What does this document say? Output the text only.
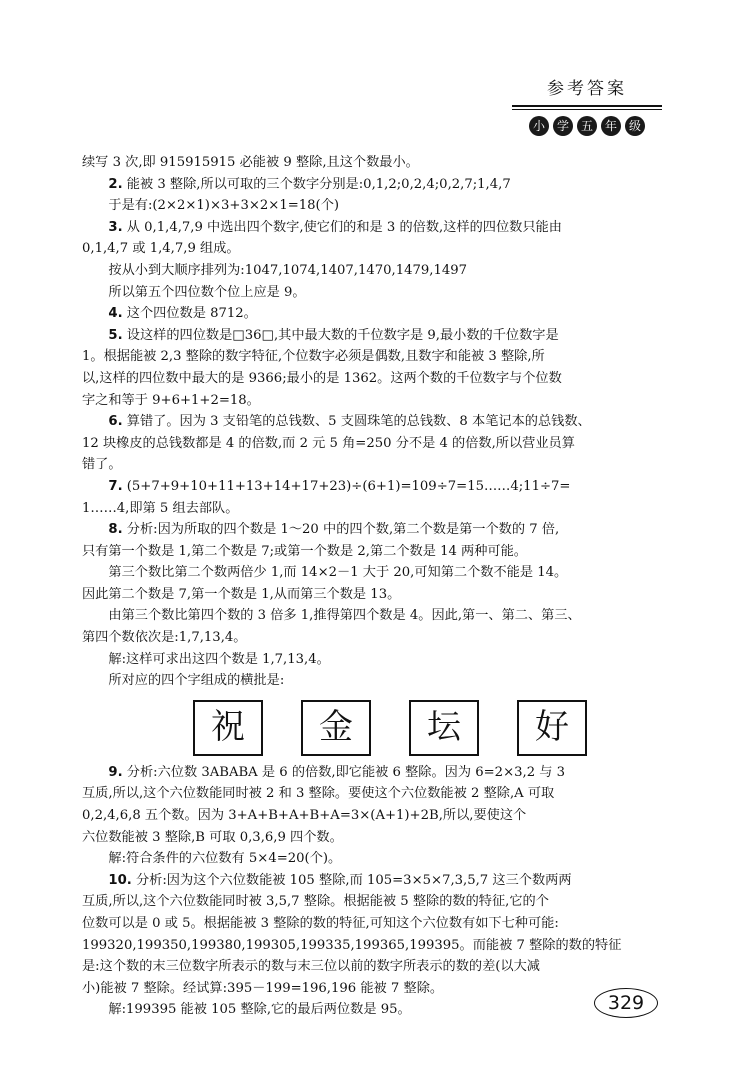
参考答案
小 学 五 年 级

续写 3 次,即 915915915 必能被 9 整除,且这个数最小。

2. 能被 3 整除,所以可取的三个数字分别是:0,1,2;0,2,4;0,2,7;1,4,7

于是有:(2×2×1)×3+3×2×1=18(个)

3. 从 0,1,4,7,9 中选出四个数字,使它们的和是 3 的倍数,这样的四位数只能由

0,1,4,7 或 1,4,7,9 组成。

按从小到大顺序排列为:1047,1074,1407,1470,1479,1497

所以第五个四位数个位上应是 9。

4. 这个四位数是 8712。

5. 设这样的四位数是□36□,其中最大数的千位数字是 9,最小数的千位数字是

1。根据能被 2,3 整除的数字特征,个位数字必须是偶数,且数字和能被 3 整除,所

以,这样的四位数中最大的是 9366;最小的是 1362。这两个数的千位数字与个位数

字之和等于 9+6+1+2=18。

6. 算错了。因为 3 支铅笔的总钱数、5 支圆珠笔的总钱数、8 本笔记本的总钱数、

12 块橡皮的总钱数都是 4 的倍数,而 2 元 5 角=250 分不是 4 的倍数,所以营业员算

错了。

7. (5+7+9+10+11+13+14+17+23)÷(6+1)=109÷7=15……4;11÷7=

1……4,即第 5 组去部队。

8. 分析:因为所取的四个数是 1～20 中的四个数,第二个数是第一个数的 7 倍,

只有第一个数是 1,第二个数是 7;或第一个数是 2,第二个数是 14 两种可能。

第三个数比第二个数两倍少 1,而 14×2－1 大于 20,可知第二个数不能是 14。

因此第二个数是 7,第一个数是 1,从而第三个数是 13。

由第三个数比第四个数的 3 倍多 1,推得第四个数是 4。因此,第一、第二、第三、

第四个数依次是:1,7,13,4。

解:这样可求出这四个数是 1,7,13,4。

所对应的四个字组成的横批是:

祝	金	坛	好

9. 分析:六位数 3ABABA 是 6 的倍数,即它能被 6 整除。因为 6=2×3,2 与 3

互质,所以,这个六位数能同时被 2 和 3 整除。要使这个六位数能被 2 整除,A 可取

0,2,4,6,8 五个数。因为 3+A+B+A+B+A=3×(A+1)+2B,所以,要使这个

六位数能被 3 整除,B 可取 0,3,6,9 四个数。

解:符合条件的六位数有 5×4=20(个)。

10. 分析:因为这个六位数能被 105 整除,而 105=3×5×7,3,5,7 这三个数两两

互质,所以,这个六位数能同时被 3,5,7 整除。根据能被 5 整除的数的特征,它的个

位数可以是 0 或 5。根据能被 3 整除的数的特征,可知这个六位数有如下七种可能:

199320,199350,199380,199305,199335,199365,199395。而能被 7 整除的数的特征

是:这个数的末三位数字所表示的数与末三位以前的数字所表示的数的差(以大减

小)能被 7 整除。经试算:395－199=196,196 能被 7 整除。

解:199395 能被 105 整除,它的最后两位数是 95。	329
